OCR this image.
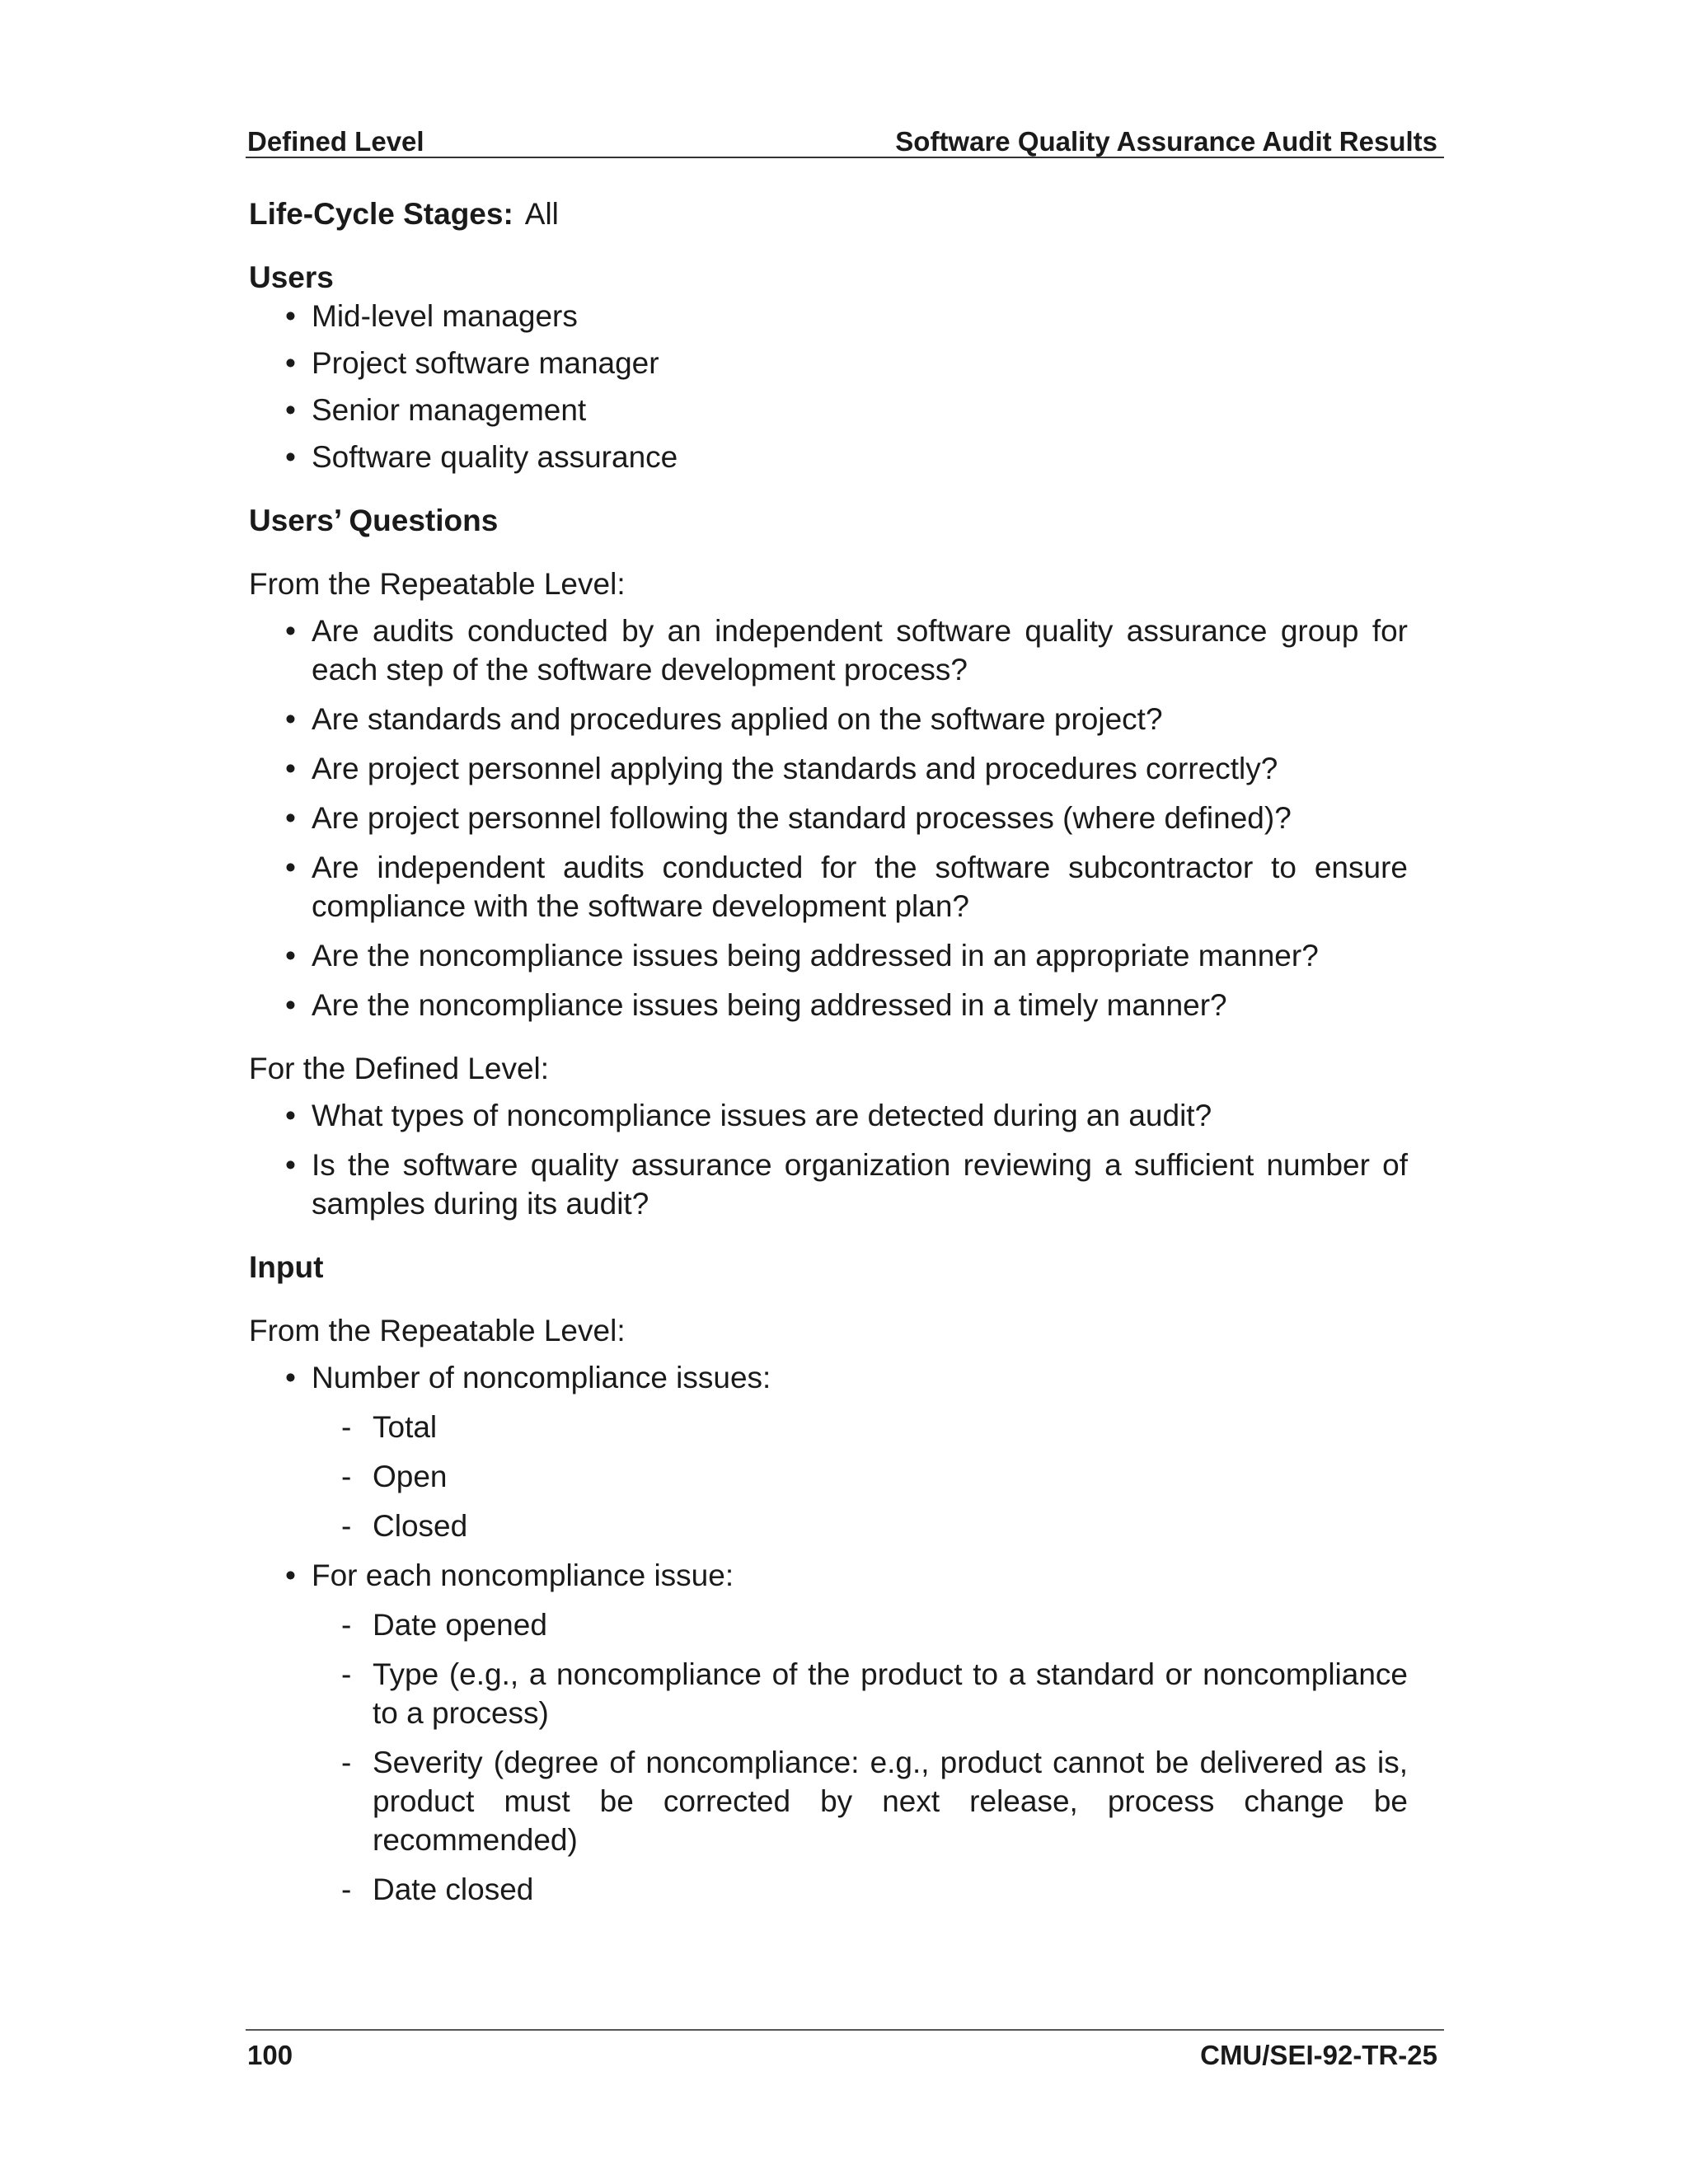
Defined Level	Software Quality Assurance Audit Results

Life-Cycle Stages: All

Users

• Mid-level managers
• Project software manager
• Senior management
• Software quality assurance

Users’ Questions

From the Repeatable Level:

• Are audits conducted by an independent software quality assurance group for each step of the software development process?
• Are standards and procedures applied on the software project?
• Are project personnel applying the standards and procedures correctly?
• Are project personnel following the standard processes (where defined)?
• Are independent audits conducted for the software subcontractor to ensure compliance with the software development plan?
• Are the noncompliance issues being addressed in an appropriate manner?
• Are the noncompliance issues being addressed in a timely manner?

For the Defined Level:

• What types of noncompliance issues are detected during an audit?
• Is the software quality assurance organization reviewing a sufficient number of samples during its audit?

Input

From the Repeatable Level:

• Number of noncompliance issues:
- Total
- Open
- Closed
• For each noncompliance issue:
- Date opened
- Type (e.g., a noncompliance of the product to a standard or noncompliance to a process)
- Severity (degree of noncompliance: e.g., product cannot be delivered as is, product must be corrected by next release, process change be recommended)
- Date closed
100	CMU/SEI-92-TR-25
